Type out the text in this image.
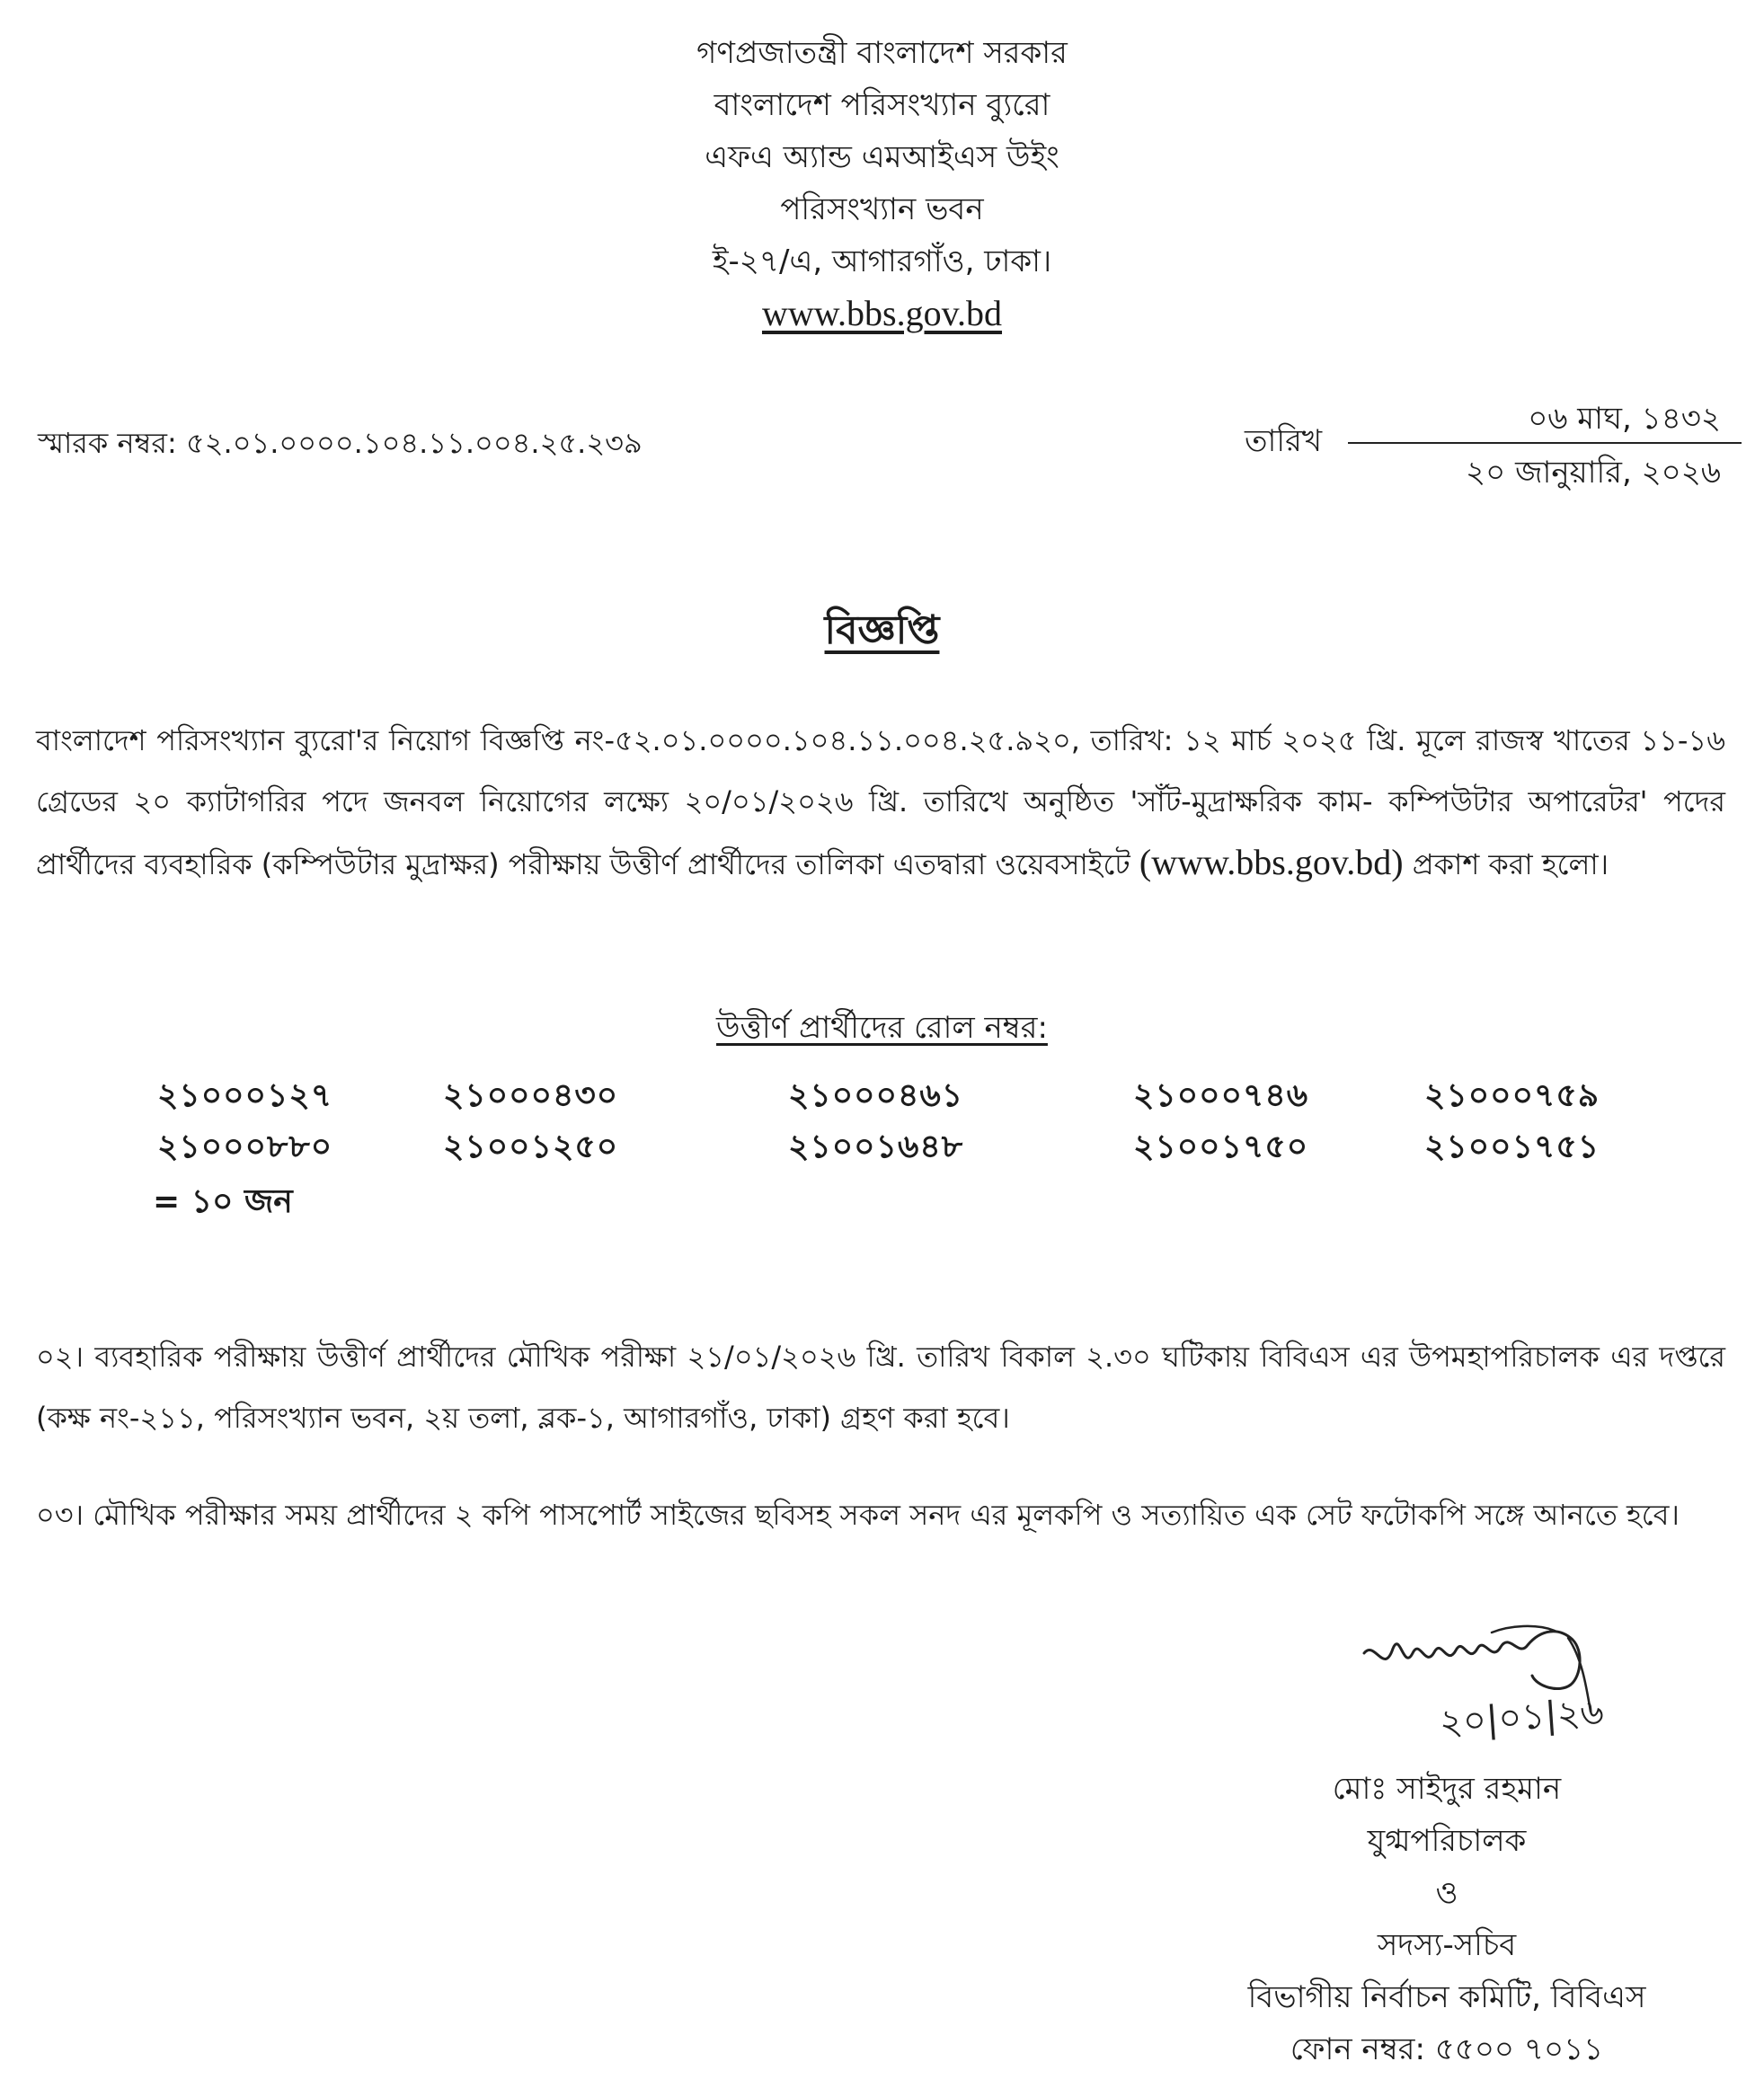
গণপ্রজাতন্ত্রী বাংলাদেশ সরকার
বাংলাদেশ পরিসংখ্যান ব্যুরো
এফএ অ্যান্ড এমআইএস উইং
পরিসংখ্যান ভবন
ই-২৭/এ, আগারগাঁও, ঢাকা।
www.bbs.gov.bd
স্মারক নম্বর: ৫২.০১.০০০০.১০৪.১১.০০৪.২৫.২৩৯	তারিখ
০৬ মাঘ, ১৪৩২
২০ জানুয়ারি, ২০২৬
বিজ্ঞপ্তি
বাংলাদেশ পরিসংখ্যান ব্যুরো'র নিয়োগ বিজ্ঞপ্তি নং-৫২.০১.০০০০.১০৪.১১.০০৪.২৫.৯২০, তারিখ: ১২ মার্চ ২০২৫ খ্রি. মূলে রাজস্ব খাতের ১১-১৬ গ্রেডের ২০ ক্যাটাগরির পদে জনবল নিয়োগের লক্ষ্যে ২০/০১/২০২৬ খ্রি. তারিখে অনুষ্ঠিত 'সাঁট-মুদ্রাক্ষরিক কাম- কম্পিউটার অপারেটর' পদের প্রার্থীদের ব্যবহারিক (কম্পিউটার মুদ্রাক্ষর) পরীক্ষায় উত্তীর্ণ প্রার্থীদের তালিকা এতদ্বারা ওয়েবসাইটে (www.bbs.gov.bd) প্রকাশ করা হলো।
উত্তীর্ণ প্রার্থীদের রোল নম্বর:
২১০০০১২৭	২১০০০৪৩০	২১০০০৪৬১	২১০০০৭৪৬	২১০০০৭৫৯
২১০০০৮৮০	২১০০১২৫০	২১০০১৬৪৮	২১০০১৭৫০	২১০০১৭৫১
= ১০ জন
০২। ব্যবহারিক পরীক্ষায় উত্তীর্ণ প্রার্থীদের মৌখিক পরীক্ষা ২১/০১/২০২৬ খ্রি. তারিখ বিকাল ২.৩০ ঘটিকায় বিবিএস এর উপমহাপরিচালক এর দপ্তরে (কক্ষ নং-২১১, পরিসংখ্যান ভবন, ২য় তলা, ব্লক-১, আগারগাঁও, ঢাকা) গ্রহণ করা হবে।
০৩। মৌখিক পরীক্ষার সময় প্রার্থীদের ২ কপি পাসপোর্ট সাইজের ছবিসহ সকল সনদ এর মূলকপি ও সত্যায়িত এক সেট ফটোকপি সঙ্গে আনতে হবে।
২০|০১|২৬
মোঃ সাইদুর রহমান
যুগ্মপরিচালক
ও
সদস্য-সচিব
বিভাগীয় নির্বাচন কমিটি, বিবিএস
ফোন নম্বর: ৫৫০০ ৭০১১
